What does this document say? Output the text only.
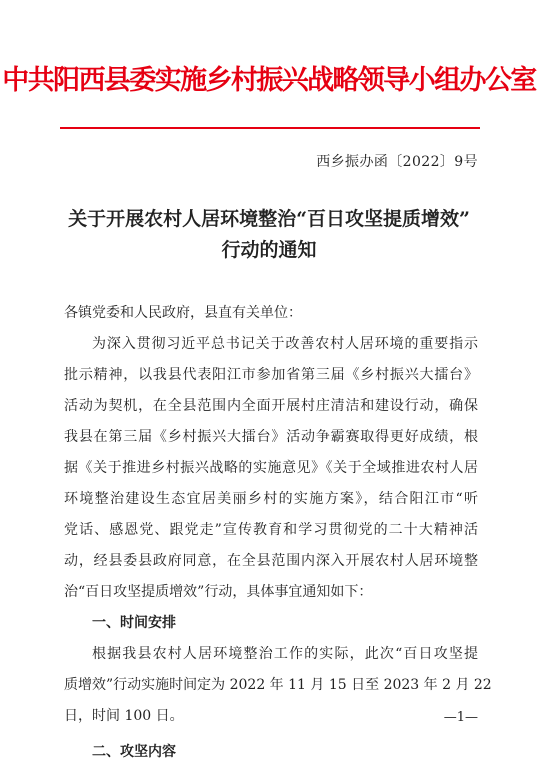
中共阳西县委实施乡村振兴战略领导小组办公室
西乡振办函〔2022〕9号
关于开展农村人居环境整治“百日攻坚提质增效”
行动的通知
各镇党委和人民政府，县直有关单位：
为深入贯彻习近平总书记关于改善农村人居环境的重要指示
批示精神，以我县代表阳江市参加省第三届《乡村振兴大擂台》
活动为契机，在全县范围内全面开展村庄清洁和建设行动，确保
我县在第三届《乡村振兴大擂台》活动争霸赛取得更好成绩，根
据《关于推进乡村振兴战略的实施意见》《关于全域推进农村人居
环境整治建设生态宜居美丽乡村的实施方案》，结合阳江市“听
党话、感恩党、跟党走”宣传教育和学习贯彻党的二十大精神活
动，经县委县政府同意，在全县范围内深入开展农村人居环境整
治“百日攻坚提质增效”行动，具体事宜通知如下：
一、时间安排
根据我县农村人居环境整治工作的实际，此次“百日攻坚提
质增效”行动实施时间定为 2022 年 11 月 15 日至 2023 年 2 月 22
日，时间 100 日。
二、攻坚内容
—1—
